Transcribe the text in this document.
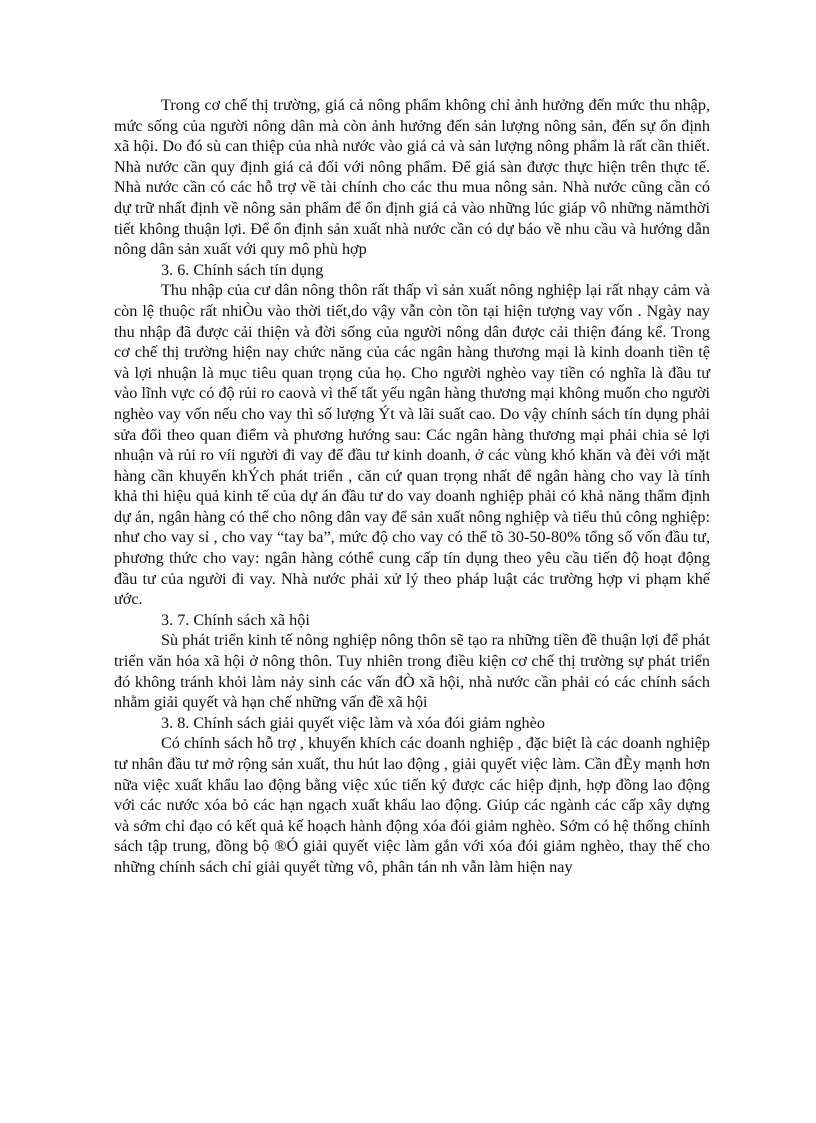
Trong cơ chế thị trường, giá cả nông phẩm không chỉ ảnh hưởng đến mức thu nhập, mức sống của người nông dân mà còn ảnh hưởng đến sản lượng nông sản, đến sự ổn định xã hội. Do đó sù can thiệp của nhà nước vào giá cả và sản lượng nông phẩm là rất cần thiết. Nhà nước cần quy định giá cả đối với nông phẩm. Để giá sàn được thực hiện trên thực tế. Nhà nước cần có các hỗ trợ về tài chính cho các thu mua nông sản. Nhà nước cũng cần có dự trữ nhất định về nông sản phẩm để ổn định giá cả vào những lúc giáp vô những nămthời tiết không thuận lợi. Để ổn định sản xuất nhà nước cần có dự báo về nhu cầu và hướng dẫn nông dân sản xuất với quy mô phù hợp

3. 6. Chính sách tín dụng

Thu nhập của cư dân nông thôn rất thấp vì sản xuất nông nghiệp lại rất nhạy cảm và còn lệ thuộc rất nhiÒu vào thời tiết,do vậy vẫn còn tồn tại hiện tượng vay vốn . Ngày nay thu nhập đã được cải thiện và đời sống của người nông dân được cải thiện đáng kể. Trong cơ chế thị trường hiện nay chức năng của các ngân hàng thương mại là kinh doanh tiền tệ và lợi nhuận là mục tiêu quan trọng của họ. Cho người nghèo vay tiền có nghĩa là đầu tư vào lĩnh vực có độ rủi ro caovà vì thế tất yếu ngân hàng thương mại không muốn cho người nghèo vay vốn nếu cho vay thì số lượng Ýt và lãi suất cao. Do vậy chính sách tín dụng phải sửa đổi theo quan điểm và phương hướng sau: Các ngân hàng thương mại phải chia sẻ lợi nhuận và rủi ro víi người đi vay để đầu tư kinh doanh, ở các vùng khó khăn và đèi với mặt hàng cần khuyến khÝch phát triển , căn cứ quan trọng nhất để ngân hàng cho vay là tính khả thi hiệu quả kinh tế của dự án đầu tư do vay doanh nghiệp phải có khả năng thẩm định dự án, ngân hàng có thể cho nông dân vay để sản xuất nông nghiệp và tiểu thủ công nghiệp: như cho vay sỉ , cho vay “tay ba”, mức độ cho vay có thể tõ 30-50-80% tổng số vốn đầu tư, phương thức cho vay: ngân hàng cóthể cung cấp tín dụng theo yêu cầu tiến độ hoạt động đầu tư của người đi vay. Nhà nước phải xử lý theo pháp luật các trường hợp vi phạm khế ước.

3. 7. Chính sách xã hội

Sù phát triển kinh tế nông nghiệp nông thôn sẽ tạo ra những tiền đề thuận lợi để phát triển văn hóa xã hội ở nông thôn. Tuy nhiên trong điều kiện cơ chế thị trường sự phát triển đó không tránh khỏi làm nảy sinh các vấn đÒ xã hội, nhà nước cần phải có các chính sách nhằm giải quyết và hạn chế những vấn đề xã hội

3. 8. Chính sách giải quyết việc làm và xóa đói giảm nghèo

Có chính sách hỗ trợ , khuyến khích các doanh nghiệp , đặc biệt là các doanh nghiệp tư nhân đầu tư mở rộng sản xuất, thu hút lao động , giải quyết việc làm. Cần đÈy mạnh hơn nữa việc xuất khẩu lao động bằng việc xúc tiến ký được các hiệp định, hợp đồng lao động với các nước xóa bỏ các hạn ngạch xuất khẩu lao động. Giúp các ngành các cấp xây dựng và sớm chỉ đạo có kết quả kế hoạch hành động xóa đói giảm nghèo. Sớm có hệ thống chính sách tập trung, đồng bộ ®Ó giải quyết việc làm gắn với xóa đói giảm nghèo, thay thế cho những chính sách chỉ giải quyết từng vô, phân tán nh vẫn làm hiện nay
